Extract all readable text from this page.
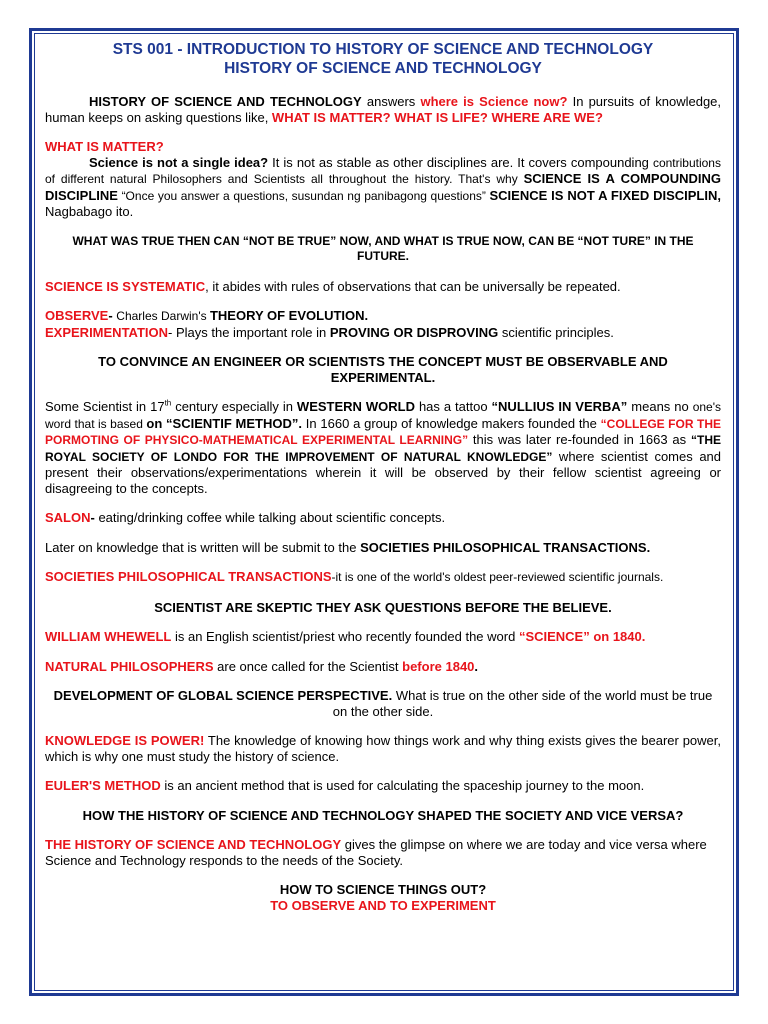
STS 001 - INTRODUCTION TO HISTORY OF SCIENCE AND TECHNOLOGY

HISTORY OF SCIENCE AND TECHNOLOGY

HISTORY OF SCIENCE AND TECHNOLOGY answers where is Science now? In pursuits of knowledge, human keeps on asking questions like, WHAT IS MATTER? WHAT IS LIFE? WHERE ARE WE?

WHAT IS MATTER?

Science is not a single idea? It is not as stable as other disciplines are. It covers compounding contributions of different natural Philosophers and Scientists all throughout the history. That's why SCIENCE IS A COMPOUNDING DISCIPLINE “Once you answer a questions, susundan ng panibagong questions” SCIENCE IS NOT A FIXED DISCIPLIN, Nagbabago ito.

WHAT WAS TRUE THEN CAN “NOT BE TRUE” NOW, AND WHAT IS TRUE NOW, CAN BE “NOT TURE” IN THE FUTURE.

SCIENCE IS SYSTEMATIC, it abides with rules of observations that can be universally be repeated.

OBSERVE- Charles Darwin's THEORY OF EVOLUTION.

EXPERIMENTATION- Plays the important role in PROVING OR DISPROVING scientific principles.

TO CONVINCE AN ENGINEER OR SCIENTISTS THE CONCEPT MUST BE OBSERVABLE AND EXPERIMENTAL.

Some Scientist in 17th century especially in WESTERN WORLD has a tattoo “NULLIUS IN VERBA” means no one's word that is based on “SCIENTIF METHOD”. In 1660 a group of knowledge makers founded the “COLLEGE FOR THE PORMOTING OF PHYSICO-MATHEMATICAL EXPERIMENTAL LEARNING” this was later re-founded in 1663 as “THE ROYAL SOCIETY OF LONDO FOR THE IMPROVEMENT OF NATURAL KNOWLEDGE” where scientist comes and present their observations/experimentations wherein it will be observed by their fellow scientist agreeing or disagreeing to the concepts.

SALON- eating/drinking coffee while talking about scientific concepts.

Later on knowledge that is written will be submit to the SOCIETIES PHILOSOPHICAL TRANSACTIONS.

SOCIETIES PHILOSOPHICAL TRANSACTIONS-it is one of the world's oldest peer-reviewed scientific journals.

SCIENTIST ARE SKEPTIC THEY ASK QUESTIONS BEFORE THE BELIEVE.

WILLIAM WHEWELL is an English scientist/priest who recently founded the word “SCIENCE” on 1840.

NATURAL PHILOSOPHERS are once called for the Scientist before 1840.

DEVELOPMENT OF GLOBAL SCIENCE PERSPECTIVE. What is true on the other side of the world must be true on the other side.

KNOWLEDGE IS POWER! The knowledge of knowing how things work and why thing exists gives the bearer power, which is why one must study the history of science.

EULER'S METHOD is an ancient method that is used for calculating the spaceship journey to the moon.

HOW THE HISTORY OF SCIENCE AND TECHNOLOGY SHAPED THE SOCIETY AND VICE VERSA?

THE HISTORY OF SCIENCE AND TECHNOLOGY gives the glimpse on where we are today and vice versa where Science and Technology responds to the needs of the Society.

HOW TO SCIENCE THINGS OUT?

TO OBSERVE AND TO EXPERIMENT
